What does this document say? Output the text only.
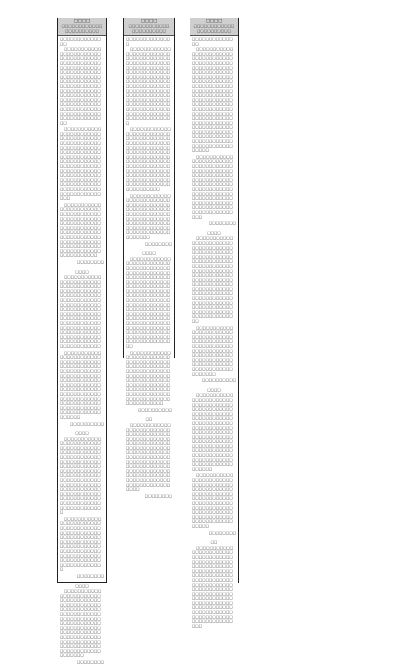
□□□□
□□□□□□□□□□□□
□□□□□□□□□□
□□□□□□□□□□□□□□
□□□□□□□□□□□□□□□□□□□□□□□□□□□□□□□□□□□□□□□□□□□□□□□□□□□□□□□□□□□□□□□□□□□□□□□□□□□□□□□□□□□□□□□□□□□□□□□□□□□□□□□□□□□□□□□□□□□□□□□□□□□□□□□□□□□□□□□□□□□□□□□□□□□□□□□□□□□□□□□□□□□□□□□□□□□□□□□□□□□□□□□□□□□□□□□□□
□□□□□□□□□□□□□□□□□□□□□□□□□□□□□□□□□□□□□□□□□□□□□□□□□□□□□□□□□□□□□□□□□□□□□□□□□□□□□□□□□□□□□□□□□□□□□□□□□□□□□□□□□□□□□□□□□□□□□□□□□□□□□□□□□□□□□□□□□□□□□□□□□□□□□□□□□□□□□□□□□□□□□□□□□□□□□□□□□□□□□□
□□□□□□□□□□□□□□□□□□□□□□□□□□□□□□□□□□□□□□□□□□□□□□□□□□□□□□□□□□□□□□□□□□□□□□□□□□□□□□□□□□□□□□□□□□□□□□□□□□□□□□□□□□□□□□□□□□□□□□□□□□□□□□□□□□□□□□□□□□□□□□
□□□□□□□□
□□□□
□□□□□□□□□□□□□□□□□□□□□□□□□□□□□□□□□□□□□□□□□□□□□□□□□□□□□□□□□□□□□□□□□□□□□□□□□□□□□□□□□□□□□□□□□□□□□□□□□□□□□□□□□□□□□□□□□□□□□□□□□□□□□□□□□□□□□□□□□□□□□□□□□□□□□□□□□□□□□□□□□□□□□□□□□□□□□□□□□□□□□□□□□□□□□□□
□□□□□□□□□□□□□□□□□□□□□□□□□□□□□□□□□□□□□□□□□□□□□□□□□□□□□□□□□□□□□□□□□□□□□□□□□□□□□□□□□□□□□□□□□□□□□□□□□□□□□□□□□□□□□□□□□□□□□□□□□□□□□□□□□□□□□□□□□□□□□□□□□□□□□□□□□□□□□□□□□□□□□□□□□□□□□
□□□□□□□□□□
□□□□
□□□□□□□□□□□□□□□□□□□□□□□□□□□□□□□□□□□□□□□□□□□□□□□□□□□□□□□□□□□□□□□□□□□□□□□□□□□□□□□□□□□□□□□□□□□□□□□□□□□□□□□□□□□□□□□□□□□□□□□□□□□□□□□□□□□□□□□□□□□□□□□□□□□□□□□□□□□□□□□□□□□□□□□□□□□□□□□□□□□□□□□□□□□□□□□□
□□□□□□□□□□□□□□□□□□□□□□□□□□□□□□□□□□□□□□□□□□□□□□□□□□□□□□□□□□□□□□□□□□□□□□□□□□□□□□□□□□□□□□□□□□□□□□□□□□□□□□□□□□□□□□□□□□□□□□□□□□□□□□□□□□□□
□□□□□□□□
□□□□
□□□□□□□□□□□□□□□□□□□□□□□□□□□□□□□□□□□□□□□□□□□□□□□□□□□□□□□□□□□□□□□□□□□□□□□□□□□□□□□□□□□□□□□□□□□□□□□□□□□□□□□□□□□□□□□□□□□□□□□□□□□□□□□□□□□□□□□□□□□□□□□□□□□□□□□□□□□□□□□□□□□□□□□□□□□□□□
□□□□□□□□
□□□□
□□□□□□□□□□□□
□□□□□□□□□□
□□□□□□□□□□□□□□
□□□□□□□□□□□□□□□□□□□□□□□□□□□□□□□□□□□□□□□□□□□□□□□□□□□□□□□□□□□□□□□□□□□□□□□□□□□□□□□□□□□□□□□□□□□□□□□□□□□□□□□□□□□□□□□□□□□□□□□□□□□□□□□□□□□□□□□□□□□□□□□□□□□□□□□□□□□□□□□□□□□□□□□□□□□□□□□□□□□□□□□□□□□□□□□□□□□□□□□□□□□□□□□□
□□□□□□□□□□□□□□□□□□□□□□□□□□□□□□□□□□□□□□□□□□□□□□□□□□□□□□□□□□□□□□□□□□□□□□□□□□□□□□□□□□□□□□□□□□□□□□□□□□□□□□□□□□□□□□□□□□□□□□□□□□□□□□□□□□□□□□□□□□□□□□□□□□□□□□□□□□□□□□□□□□□□□□□□□□□□□□□□□□
□□□□□□□□□□□□□□□□□□□□□□□□□□□□□□□□□□□□□□□□□□□□□□□□□□□□□□□□□□□□□□□□□□□□□□□□□□□□□□□□□□□□□□□□□□□□□□□□□□□□□□□□□□□□□□□□□□□□□□□□□□□
□□□□□□□□
□□□□
□□□□□□□□□□□□□□□□□□□□□□□□□□□□□□□□□□□□□□□□□□□□□□□□□□□□□□□□□□□□□□□□□□□□□□□□□□□□□□□□□□□□□□□□□□□□□□□□□□□□□□□□□□□□□□□□□□□□□□□□□□□□□□□□□□□□□□□□□□□□□□□□□□□□□□□□□□□□□□□□□□□□□□□□□□□□□□□□□□□□□□□□□□□□□□□□□□□□□□□□□□□□□□□□□□□□□□□□□□□□□□□□□□□□□□□□□□□□□□□□□□□□□□□□
□□□□□□□□□□□□□□□□□□□□□□□□□□□□□□□□□□□□□□□□□□□□□□□□□□□□□□□□□□□□□□□□□□□□□□□□□□□□□□□□□□□□□□□□□□□□□□□□□□□□□□□□□□□□□□□□□□□□□□□□□□□□□□□□□□□□□□□□□□□□□□□□□□□□□□□□□
□□□□□□□□□□
□□
□□□□□□□□□□□□□□□□□□□□□□□□□□□□□□□□□□□□□□□□□□□□□□□□□□□□□□□□□□□□□□□□□□□□□□□□□□□□□□□□□□□□□□□□□□□□□□□□□□□□□□□□□□□□□□□□□□□□□□□□□□□□□□□□□□□□□□□□□□□□□□□□□□□□□□□□□□□□□□□□□□□□□□□□□□□□□□□□□□□□□□□□□
□□□□□□□□
□□□□
□□□□□□□□□□□□
□□□□□□□□□□
□□□□□□□□□□□□□□
□□□□□□□□□□□□□□□□□□□□□□□□□□□□□□□□□□□□□□□□□□□□□□□□□□□□□□□□□□□□□□□□□□□□□□□□□□□□□□□□□□□□□□□□□□□□□□□□□□□□□□□□□□□□□□□□□□□□□□□□□□□□□□□□□□□□□□□□□□□□□□□□□□□□□□□□□□□□□□□□□□□□□□□□□□□□□□□□□□□□□□□□□□□□□□□□□□□□□□□□□□□□□□□□□□□□□□□□□□□□□□□□□□□□□□□□□□□□□□□□□□□□□□□□□□□□□□□□□□□□□□□□□□□□
□□□□□□□□□□□□□□□□□□□□□□□□□□□□□□□□□□□□□□□□□□□□□□□□□□□□□□□□□□□□□□□□□□□□□□□□□□□□□□□□□□□□□□□□□□□□□□□□□□□□□□□□□□□□□□□□□□□□□□□□□□□□□□□□□□□□□□□□□□□□□□□□□□□□□□□□□□□□□□
□□□□□□□□
□□□□
□□□□□□□□□□□□□□□□□□□□□□□□□□□□□□□□□□□□□□□□□□□□□□□□□□□□□□□□□□□□□□□□□□□□□□□□□□□□□□□□□□□□□□□□□□□□□□□□□□□□□□□□□□□□□□□□□□□□□□□□□□□□□□□□□□□□□□□□□□□□□□□□□□□□□□□□□□□□□□□□□□□□□□□□□□□□□□□□□□□□□□□□□□□□□□□□□□□□□□□□□□□□□□□□□□□□□□□□□
□□□□□□□□□□□□□□□□□□□□□□□□□□□□□□□□□□□□□□□□□□□□□□□□□□□□□□□□□□□□□□□□□□□□□□□□□□□□□□□□□□□□□□□□□□□□□□□□□□□□□□□□□□□□□□□□□□□□□□□□□□□□□□
□□□□□□□□□□
□□□□
□□□□□□□□□□□□□□□□□□□□□□□□□□□□□□□□□□□□□□□□□□□□□□□□□□□□□□□□□□□□□□□□□□□□□□□□□□□□□□□□□□□□□□□□□□□□□□□□□□□□□□□□□□□□□□□□□□□□□□□□□□□□□□□□□□□□□□□□□□□□□□□□□□□□□□□□□□□□□□□□□□□□□□□□□□□□□□□□□□□□□□□□□□□□□□□□□□□□□
□□□□□□□□□□□□□□□□□□□□□□□□□□□□□□□□□□□□□□□□□□□□□□□□□□□□□□□□□□□□□□□□□□□□□□□□□□□□□□□□□□□□□□□□□□□□□□□□□□□□□□□□□□□□□□□□□□□□□□□□□□□□□□□□□□□□□□□□
□□□□□□□□
□□
□□□□□□□□□□□□□□□□□□□□□□□□□□□□□□□□□□□□□□□□□□□□□□□□□□□□□□□□□□□□□□□□□□□□□□□□□□□□□□□□□□□□□□□□□□□□□□□□□□□□□□□□□□□□□□□□□□□□□□□□□□□□□□□□□□□□□□□□□□□□□□□□□□□□□□□□□□□□□□□□□□□□□□□□□□□□□□□□□□□□□□□□□□□□□□□□□□□□□□□□□□□□□□
